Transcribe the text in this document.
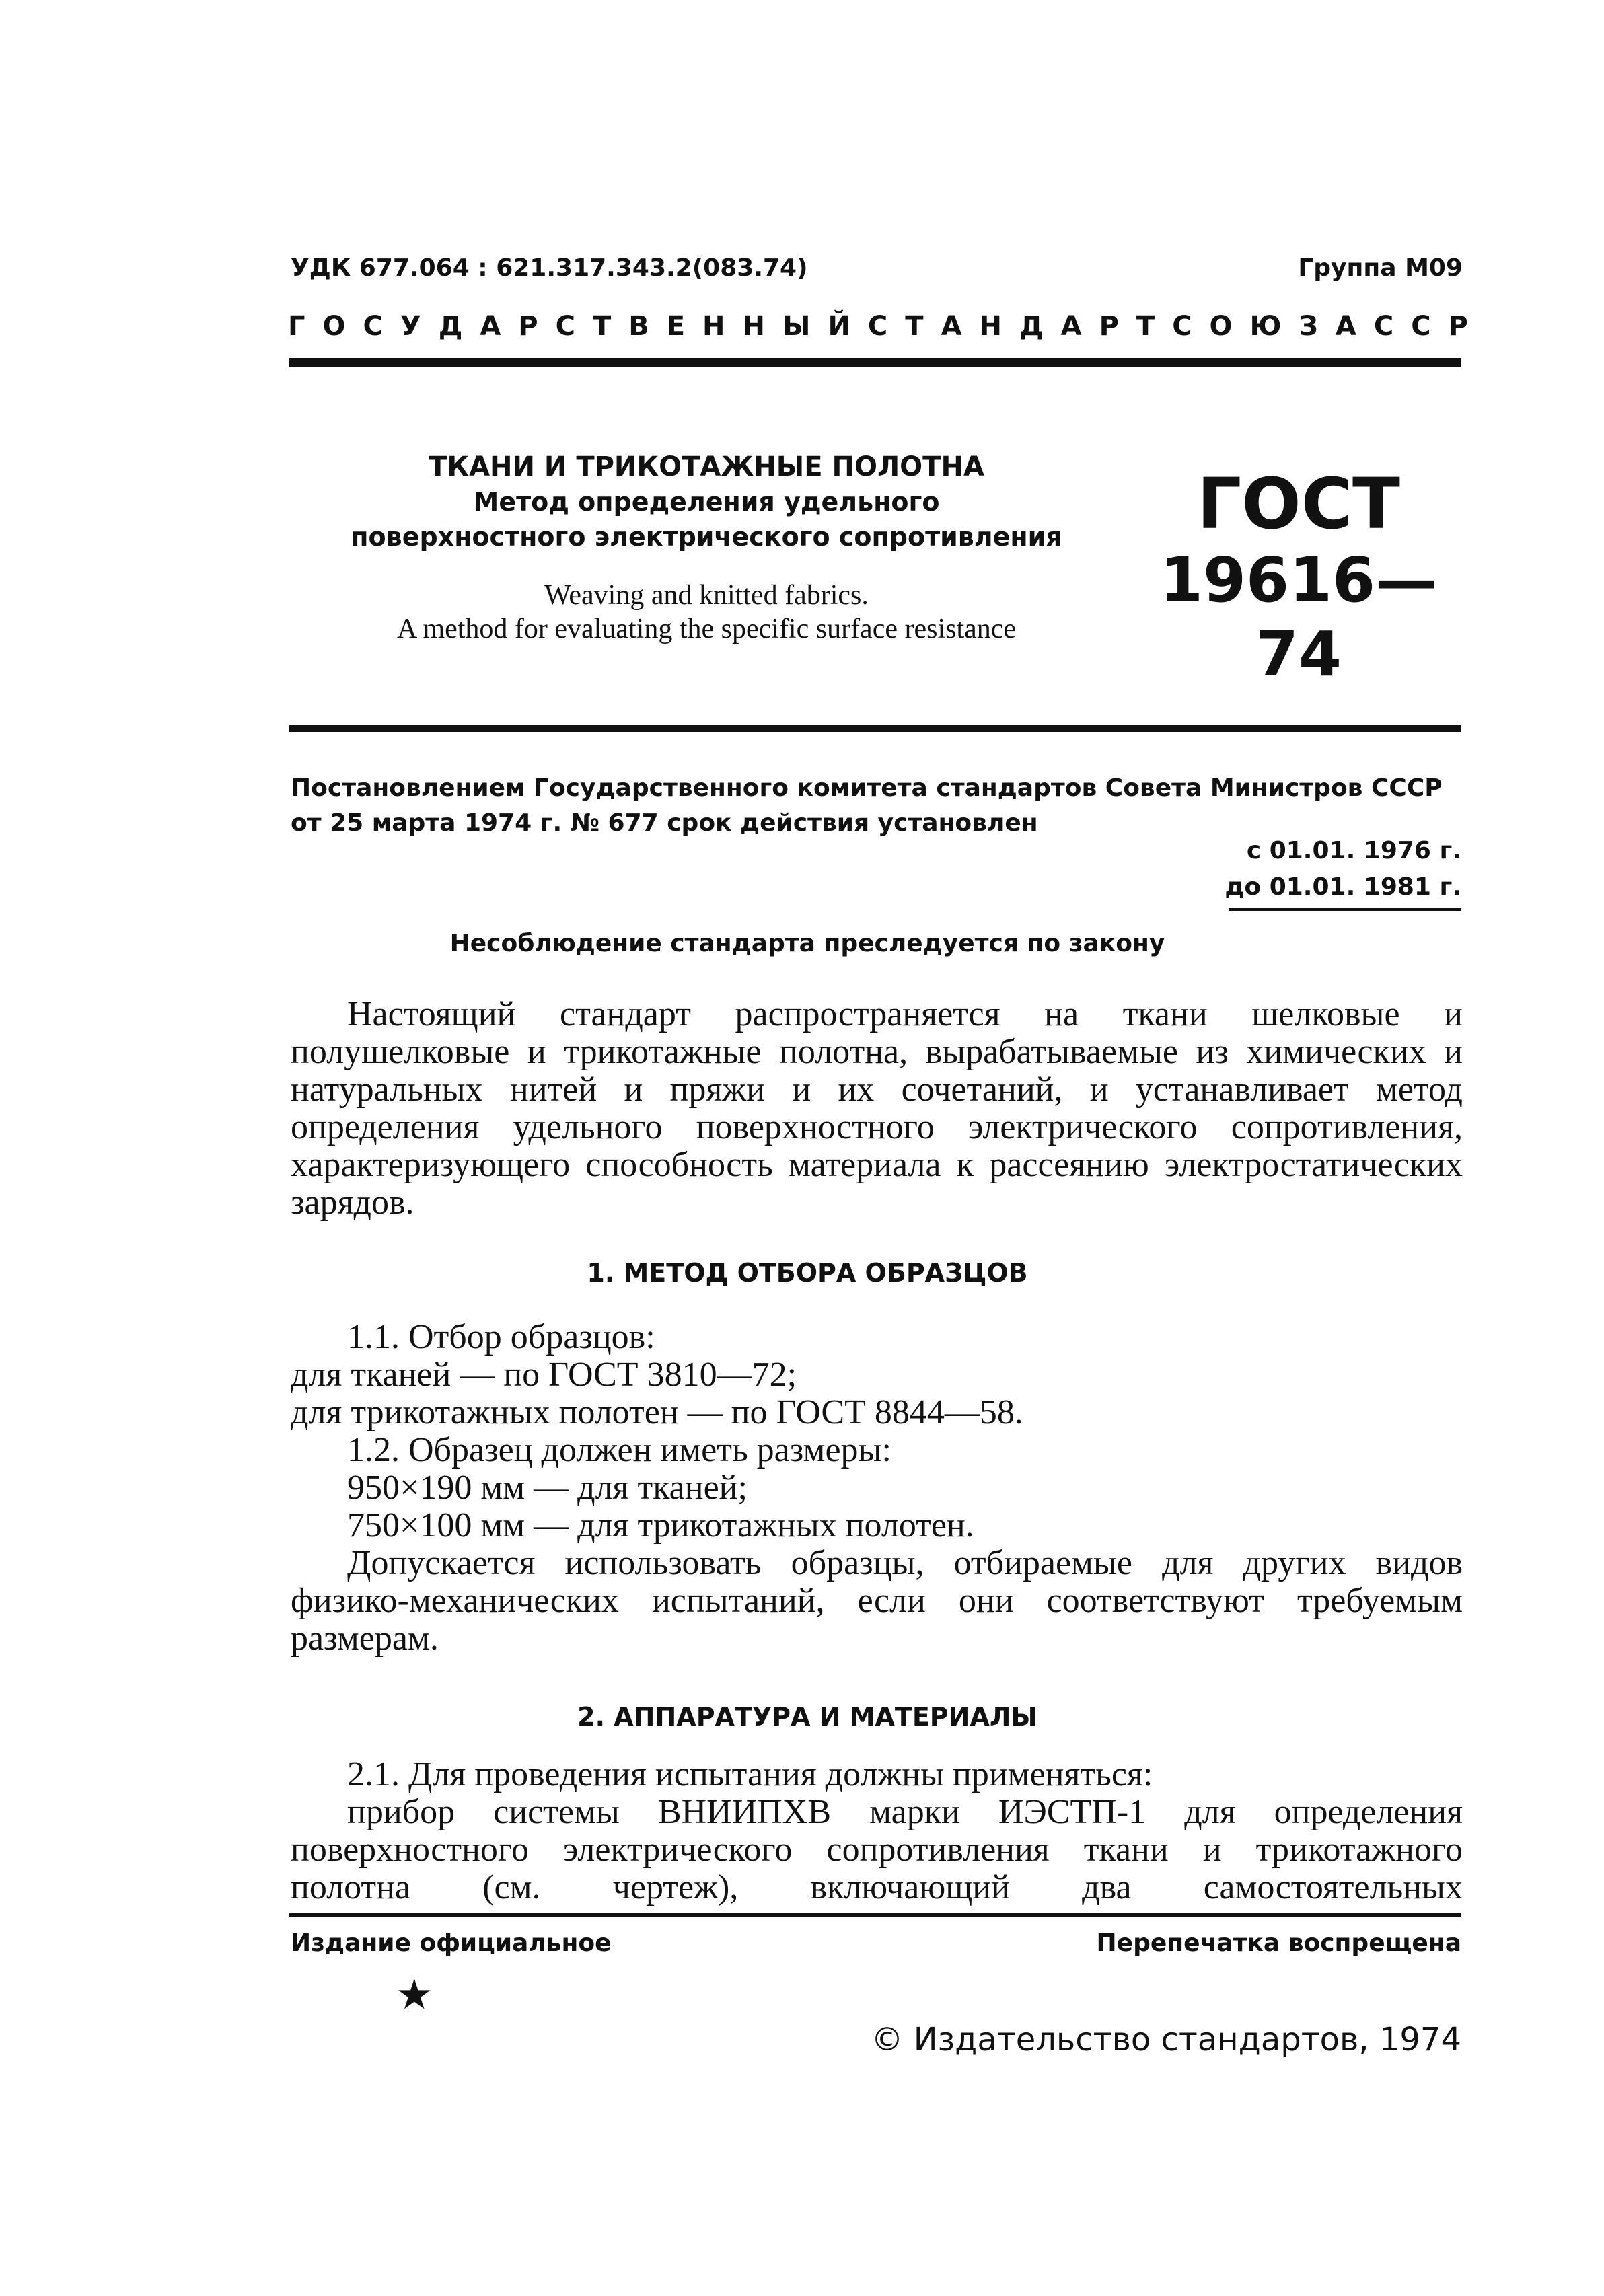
УДК 677.064 : 621.317.343.2(083.74)	Группа М09
ГОСУДАРСТВЕННЫЙ СТАНДАРТ СОЮЗА ССР
ТКАНИ И ТРИКОТАЖНЫЕ ПОЛОТНА
Метод определения удельного
поверхностного электрического сопротивления
Weaving and knitted fabrics.
A method for evaluating the specific surface resistance
ГОСТ
19616—74
Постановлением Государственного комитета стандартов Совета Министров СССР
от 25 марта 1974 г. № 677 срок действия установлен
с 01.01. 1976 г.
до 01.01. 1981 г.
Несоблюдение стандарта преследуется по закону
Настоящий стандарт распространяется на ткани шелковые и полушелковые и трикотажные полотна, вырабатываемые из химических и натуральных нитей и пряжи и их сочетаний, и устанавливает метод определения удельного поверхностного электрического сопротивления, характеризующего способность материала к рассеянию электростатических зарядов.
1. МЕТОД ОТБОРА ОБРАЗЦОВ
1.1. Отбор образцов:
для тканей — по ГОСТ 3810—72;
для трикотажных полотен — по ГОСТ 8844—58.
1.2. Образец должен иметь размеры:
950×190 мм — для тканей;
750×100 мм — для трикотажных полотен.
Допускается использовать образцы, отбираемые для других видов физико-механических испытаний, если они соответствуют требуемым размерам.
2. АППАРАТУРА И МАТЕРИАЛЫ
2.1. Для проведения испытания должны применяться:
прибор системы ВНИИПХВ марки ИЭСТП-1 для определения поверхностного электрического сопротивления ткани и трикотажного полотна (см. чертеж), включающий два самостоятельных
Издание официальное	Перепечатка воспрещена
★
© Издательство стандартов, 1974
